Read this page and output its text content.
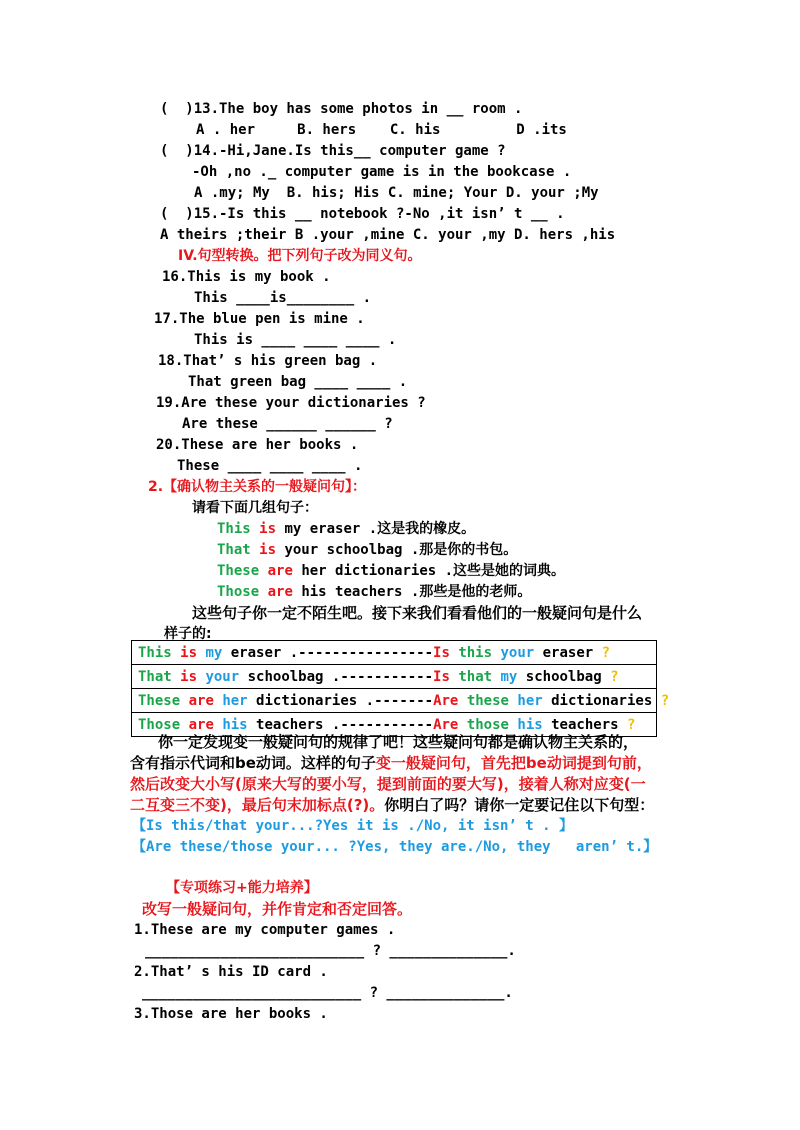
(  )13.The boy has some photos in __ room .
A . her     B. hers    C. his         D .its
(  )14.-Hi,Jane.Is this__ computer game ?
-Oh ,no ._ computer game is in the bookcase .
A .my; My  B. his; His C. mine; Your D. your ;My
(  )15.-Is this __ notebook ?-No ,it isn’ t __ .
A theirs ;their B .your ,mine C. your ,my D. hers ,his
IV.句型转换。把下列句子改为同义句。
16.This is my book .
This ____is________ .
17.The blue pen is mine .
This is ____ ____ ____ .
18.That’ s his green bag .
That green bag ____ ____ .
19.Are these your dictionaries ?
Are these ______ ______ ?
20.These are her books .
These ____ ____ ____ .
2.【确认物主关系的一般疑问句】：
请看下面几组句子：
This is my eraser .这是我的橡皮。
That is your schoolbag .那是你的书包。
These are her dictionaries .这些是她的词典。
Those are his teachers .那些是他的老师。
这些句子你一定不陌生吧。接下来我们看看他们的一般疑问句是什么
样子的:
This is my eraser .----------------Is this your eraser ?
That is your schoolbag .-----------Is that my schoolbag ?
These are her dictionaries .-------Are these her dictionaries ?
Those are his teachers .-----------Are those his teachers ?
你一定发现变一般疑问句的规律了吧！这些疑问句都是确认物主关系的，
含有指示代词和be动词。这样的句子变一般疑问句，首先把be动词提到句前，
然后改变大小写(原来大写的要小写，提到前面的要大写)，接着人称对应变(一
二互变三不变)，最后句末加标点(?)。你明白了吗？请你一定要记住以下句型：
【Is this/that your...?Yes it is ./No, it isn’ t . 】
【Are these/those your... ?Yes, they are./No, they   aren’ t.】
【专项练习+能力培养】
改写一般疑问句，并作肯定和否定回答。
1.These are my computer games .
__________________________ ? ______________.
2.That’ s his ID card .
__________________________ ? ______________.
3.Those are her books .
